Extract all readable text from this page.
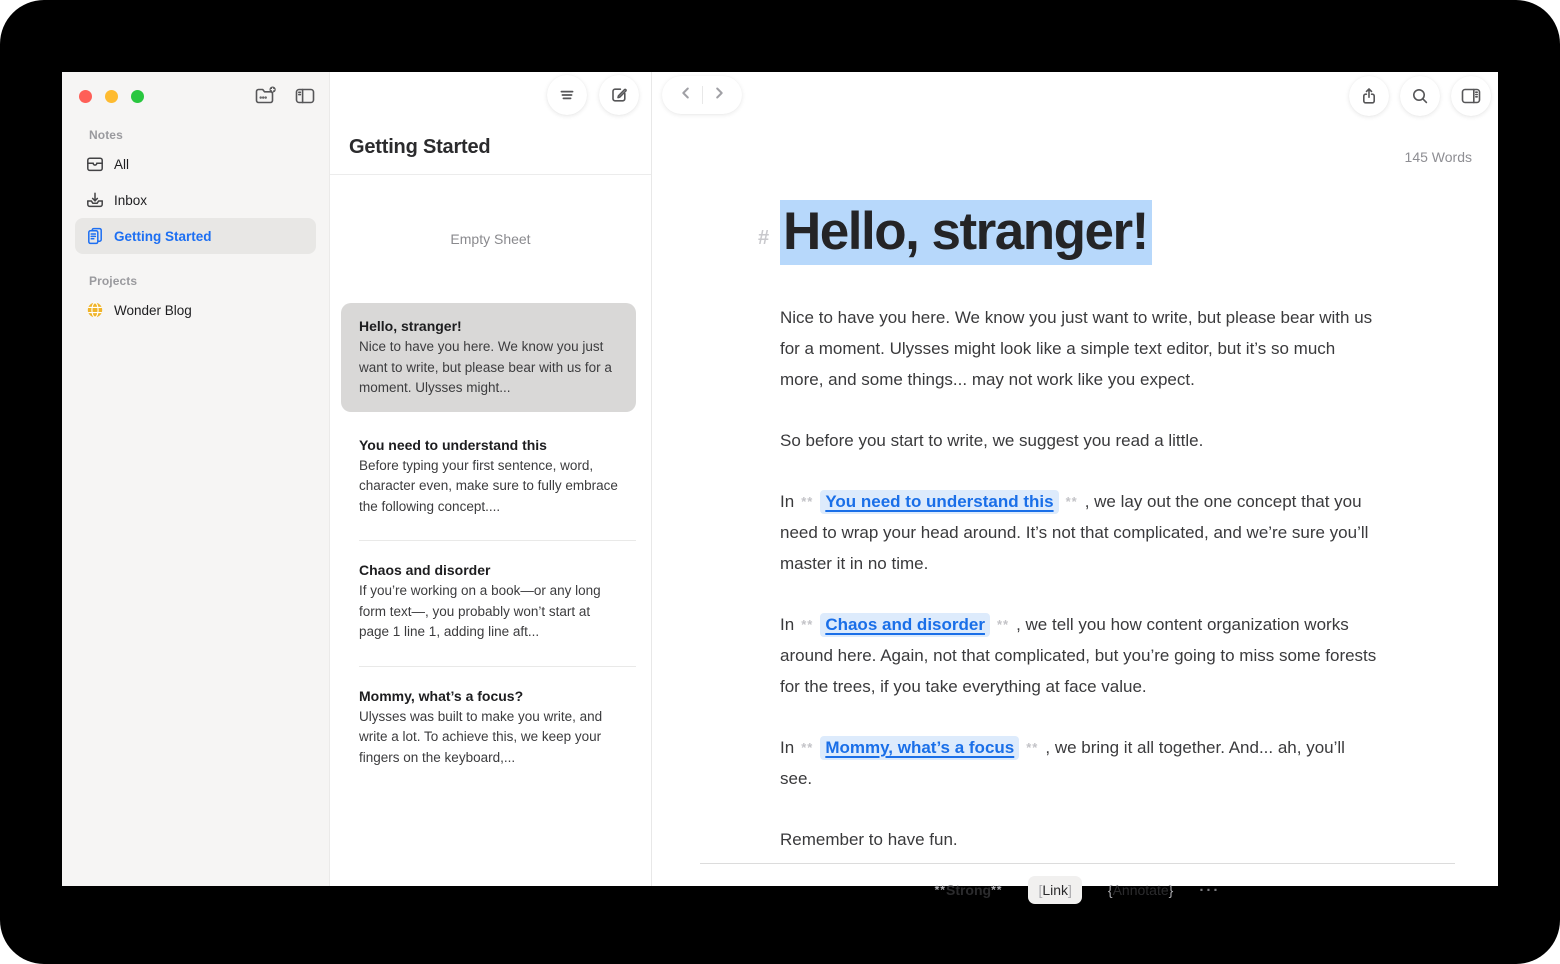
Notes
All
Inbox
Getting Started
Projects
Wonder Blog
Getting Started
Empty Sheet
Hello, stranger!
Nice to have you here. We know you just want to write, but please bear with us for a moment. Ulysses might...
You need to understand this
Before typing your first sentence, word, character even, make sure to fully embrace the following concept....
Chaos and disorder
If you’re working on a book—or any long form text—, you probably won’t start at page 1 line 1, adding line aft...
Mommy, what’s a focus?
Ulysses was built to make you write, and write a lot. To achieve this, we keep your fingers on the keyboard,...
145 Words
# Hello, stranger!

Nice to have you here. We know you just want to write, but please bear with us for a moment. Ulysses might look like a simple text editor, but it’s so much more, and some things... may not work like you expect.

So before you start to write, we suggest you read a little.

In ** You need to understand this ** , we lay out the one concept that you need to wrap your head around. It’s not that complicated, and we’re sure you’ll master it in no time.

In ** Chaos and disorder ** , we tell you how content organization works around here. Again, not that complicated, but you’re going to miss some forests for the trees, if you take everything at face value.

In ** Mommy, what’s a focus ** , we bring it all together. And... ah, you’ll see.

Remember to have fun.

**Strong**	[Link]	{Annotate} ···
